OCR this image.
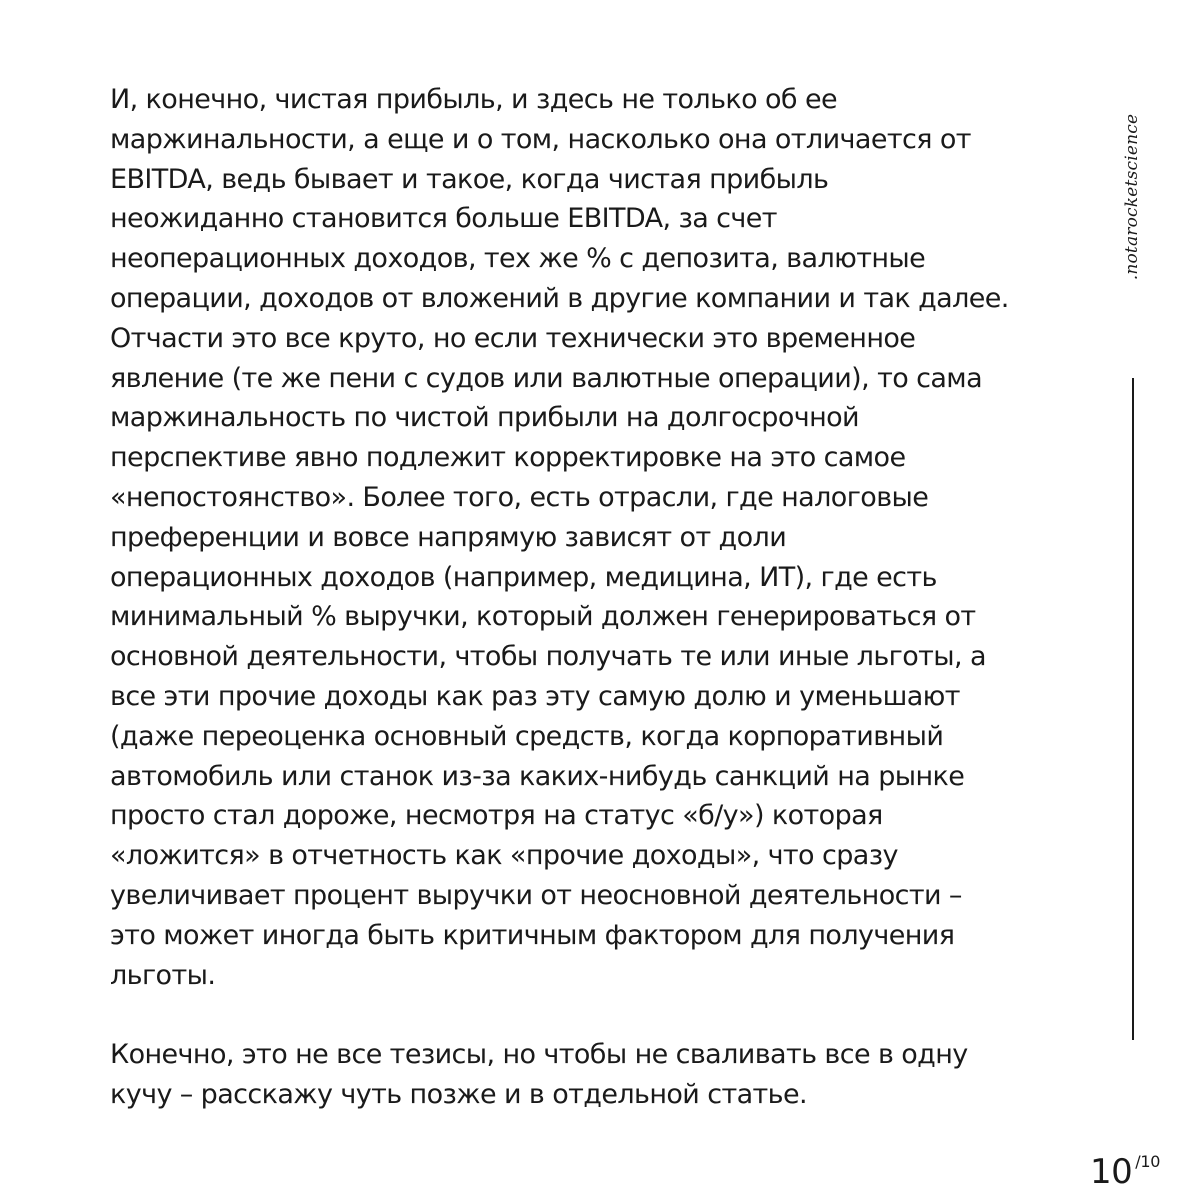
И, конечно, чистая прибыль, и здесь не только об ее
маржинальности, а еще и о том, насколько она отличается от
EBITDA, ведь бывает и такое, когда чистая прибыль
неожиданно становится больше EBITDA, за счет
неоперационных доходов, тех же % с депозита, валютные
операции, доходов от вложений в другие компании и так далее.
Отчасти это все круто, но если технически это временное
явление (те же пени с судов или валютные операции), то сама
маржинальность по чистой прибыли на долгосрочной
перспективе явно подлежит корректировке на это самое
«непостоянство». Более того, есть отрасли, где налоговые
преференции и вовсе напрямую зависят от доли
операционных доходов (например, медицина, ИТ), где есть
минимальный % выручки, который должен генерироваться от
основной деятельности, чтобы получать те или иные льготы, а
все эти прочие доходы как раз эту самую долю и уменьшают
(даже переоценка основный средств, когда корпоративный
автомобиль или станок из-за каких-нибудь санкций на рынке
просто стал дороже, несмотря на статус «б/у») которая
«ложится» в отчетность как «прочие доходы», что сразу
увеличивает процент выручки от неосновной деятельности –
это может иногда быть критичным фактором для получения
льготы.
Конечно, это не все тезисы, но чтобы не сваливать все в одну
кучу – расскажу чуть позже и в отдельной статье.
.notarocketscience
10 /10
